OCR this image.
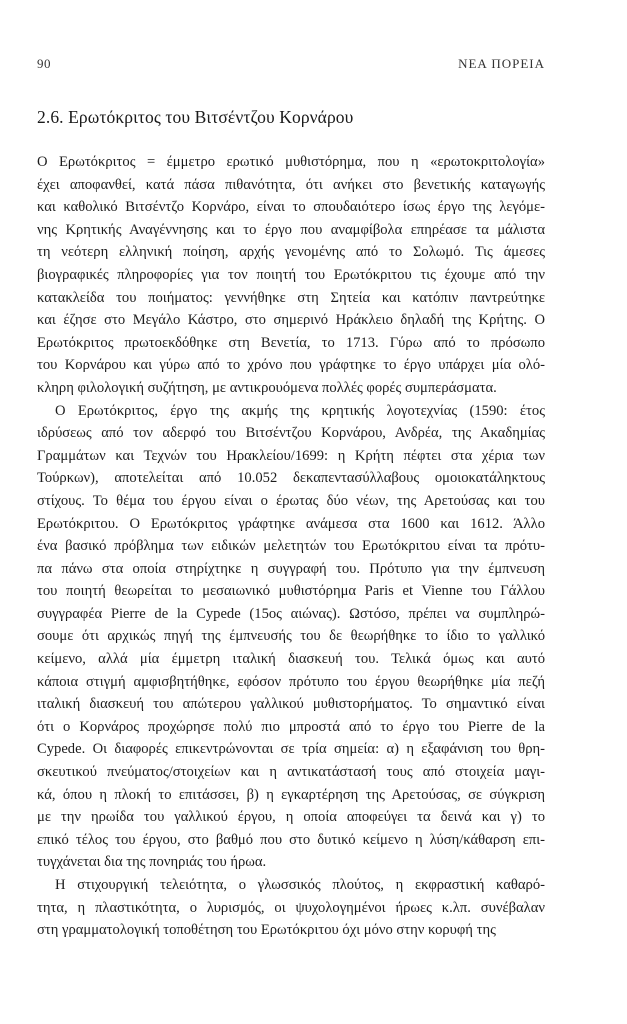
90	ΝΕΑ ΠΟΡΕΙΑ
2.6. Ερωτόκριτος του Βιτσέντζου Κορνάρου
Ο Ερωτόκριτος = έμμετρο ερωτικό μυθιστόρημα, που η «ερωτοκριτολογία»
έχει αποφανθεί, κατά πάσα πιθανότητα, ότι ανήκει στο βενετικής καταγωγής
και καθολικό Βιτσέντζο Κορνάρο, είναι το σπουδαιότερο ίσως έργο της λεγόμε-
νης Κρητικής Αναγέννησης και το έργο που αναμφίβολα επηρέασε τα μάλιστα
τη νεότερη ελληνική ποίηση, αρχής γενομένης από το Σολωμό. Τις άμεσες
βιογραφικές πληροφορίες για τον ποιητή του Ερωτόκριτου τις έχουμε από την
κατακλείδα του ποιήματος: γεννήθηκε στη Σητεία και κατόπιν παντρεύτηκε
και έζησε στο Μεγάλο Κάστρο, στο σημερινό Ηράκλειο δηλαδή της Κρήτης. Ο
Ερωτόκριτος πρωτοεκδόθηκε στη Βενετία, το 1713. Γύρω από το πρόσωπο
του Κορνάρου και γύρω από το χρόνο που γράφτηκε το έργο υπάρχει μία ολό-
κληρη φιλολογική συζήτηση, με αντικρουόμενα πολλές φορές συμπεράσματα.
Ο Ερωτόκριτος, έργο της ακμής της κρητικής λογοτεχνίας (1590: έτος
ιδρύσεως από τον αδερφό του Βιτσέντζου Κορνάρου, Ανδρέα, της Ακαδημίας
Γραμμάτων και Τεχνών του Ηρακλείου/1699: η Κρήτη πέφτει στα χέρια των
Τούρκων), αποτελείται από 10.052 δεκαπεντασύλλαβους ομοιοκατάληκτους
στίχους. Το θέμα του έργου είναι ο έρωτας δύο νέων, της Αρετούσας και του
Ερωτόκριτου. Ο Ερωτόκριτος γράφτηκε ανάμεσα στα 1600 και 1612. Άλλο
ένα βασικό πρόβλημα των ειδικών μελετητών του Ερωτόκριτου είναι τα πρότυ-
πα πάνω στα οποία στηρίχτηκε η συγγραφή του. Πρότυπο για την έμπνευση
του ποιητή θεωρείται το μεσαιωνικό μυθιστόρημα Paris et Vienne του Γάλλου
συγγραφέα Pierre de la Cypede (15ος αιώνας). Ωστόσο, πρέπει να συμπληρώ-
σουμε ότι αρχικώς πηγή της έμπνευσής του δε θεωρήθηκε το ίδιο το γαλλικό
κείμενο, αλλά μία έμμετρη ιταλική διασκευή του. Τελικά όμως και αυτό
κάποια στιγμή αμφισβητήθηκε, εφόσον πρότυπο του έργου θεωρήθηκε μία πεζή
ιταλική διασκευή του απώτερου γαλλικού μυθιστορήματος. Το σημαντικό είναι
ότι ο Κορνάρος προχώρησε πολύ πιο μπροστά από το έργο του Pierre de la
Cypede. Οι διαφορές επικεντρώνονται σε τρία σημεία: α) η εξαφάνιση του θρη-
σκευτικού πνεύματος/στοιχείων και η αντικατάστασή τους από στοιχεία μαγι-
κά, όπου η πλοκή το επιτάσσει, β) η εγκαρτέρηση της Αρετούσας, σε σύγκριση
με την ηρωίδα του γαλλικού έργου, η οποία αποφεύγει τα δεινά και γ) το
επικό τέλος του έργου, στο βαθμό που στο δυτικό κείμενο η λύση/κάθαρση επι-
τυγχάνεται δια της πονηριάς του ήρωα.
Η στιχουργική τελειότητα, ο γλωσσικός πλούτος, η εκφραστική καθαρό-
τητα, η πλαστικότητα, ο λυρισμός, οι ψυχολογημένοι ήρωες κ.λπ. συνέβαλαν
στη γραμματολογική τοποθέτηση του Ερωτόκριτου όχι μόνο στην κορυφή της
